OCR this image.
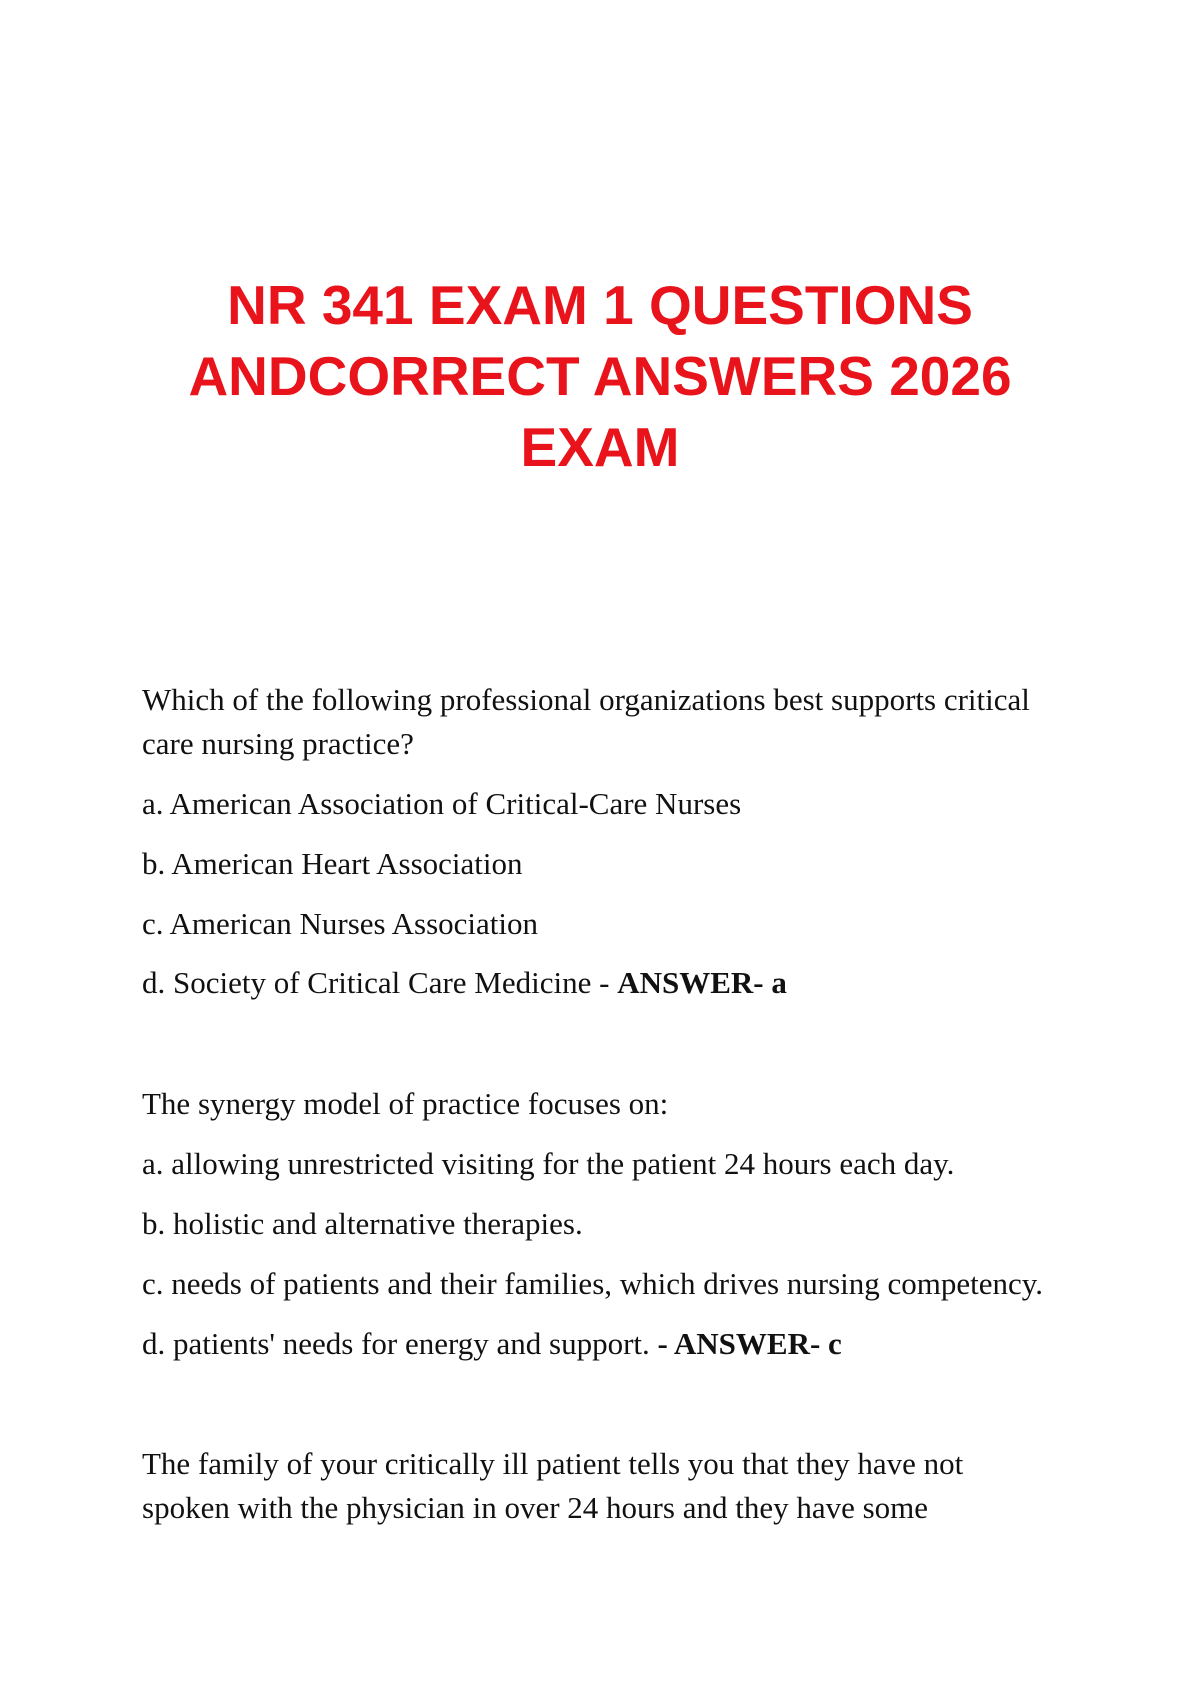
NR 341 EXAM 1 QUESTIONS
ANDCORRECT ANSWERS 2026
EXAM

Which of the following professional organizations best supports critical

care nursing practice?

a. American Association of Critical-Care Nurses

b. American Heart Association

c. American Nurses Association

d. Society of Critical Care Medicine - ANSWER- a

The synergy model of practice focuses on:

a. allowing unrestricted visiting for the patient 24 hours each day.

b. holistic and alternative therapies.

c. needs of patients and their families, which drives nursing competency.

d. patients' needs for energy and support. - ANSWER- c

The family of your critically ill patient tells you that they have not

spoken with the physician in over 24 hours and they have some
